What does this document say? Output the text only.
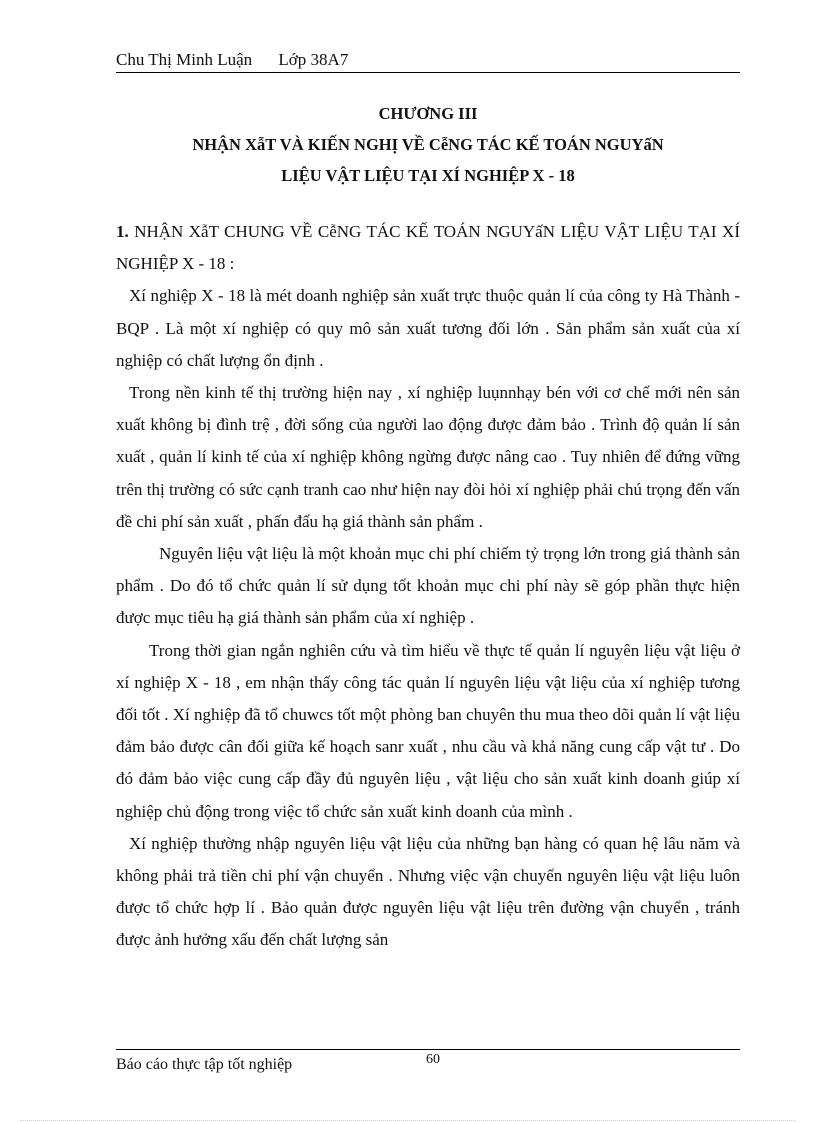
Chu Thị Minh Luận Lớp 38A7
CHƯƠNG III
NHẬN XẫT VÀ KIẾN NGHỊ VỀ CễNG TÁC KẾ TOÁN NGUYấN
LIỆU VẬT LIỆU TẠI XÍ NGHIỆP X - 18

1. NHẬN XẫT CHUNG VỀ CễNG TÁC KẾ TOÁN NGUYấN LIỆU VẬT LIỆU TẠI XÍ NGHIỆP X - 18 :

Xí nghiệp X - 18 là mét doanh nghiệp sản xuất trực thuộc quản lí của công ty Hà Thành - BQP . Là một xí nghiệp có quy mô sản xuất tương đối lớn . Sản phẩm sản xuất của xí nghiệp có chất lượng ổn định .

Trong nền kinh tế thị trường hiện nay , xí nghiệp luụnnhạy bén với cơ chế mới nên sản xuất không bị đình trệ , đời sống của người lao động được đảm bảo . Trình độ quản lí sản xuất , quản lí kinh tế của xí nghiệp không ngừng được nâng cao . Tuy nhiên để đứng vững trên thị trường có sức cạnh tranh cao như hiện nay đòi hỏi xí nghiệp phải chú trọng đến vấn đề chi phí sản xuất , phấn đấu hạ giá thành sản phẩm .

Nguyên liệu vật liệu là một khoản mục chi phí chiếm tỷ trọng lớn trong giá thành sản phẩm . Do đó tổ chức quản lí sử dụng tốt khoản mục chi phí này sẽ góp phần thực hiện được mục tiêu hạ giá thành sản phẩm của xí nghiệp .

Trong thời gian ngắn nghiên cứu và tìm hiểu về thực tế quản lí nguyên liệu vật liệu ở xí nghiệp X - 18 , em nhận thấy công tác quản lí nguyên liệu vật liệu của xí nghiệp tương đối tốt . Xí nghiệp đã tổ chuwcs tốt một phòng ban chuyên thu mua theo dõi quản lí vật liệu đảm bảo được cân đối giữa kế hoạch sanr xuất , nhu cầu và khả năng cung cấp vật tư . Do đó đảm bảo việc cung cấp đầy đủ nguyên liệu , vật liệu cho sản xuất kinh doanh giúp xí nghiệp chủ động trong việc tổ chức sản xuất kinh doanh của mình .

Xí nghiệp thường nhập nguyên liệu vật liệu của những bạn hàng có quan hệ lâu năm và không phải trả tiền chi phí vận chuyển . Nhưng việc vận chuyển nguyên liệu vật liệu luôn được tổ chức hợp lí . Bảo quản được nguyên liệu vật liệu trên đường vận chuyển , tránh được ảnh hưởng xấu đến chất lượng sản

Báo cáo thực tập tốt nghiệp	60
